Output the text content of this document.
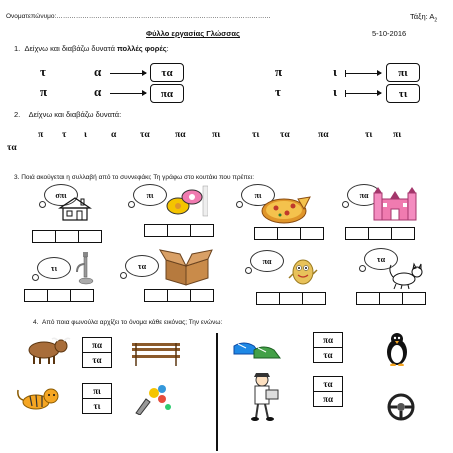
Ονοματεπώνυμο:………………………………………………………………………………………	Τάξη: $A_2$
Φύλλο εργασίας Γλώσσας	5-10-2016
1. Δείχνω και διαβάζω δυνατά πολλές φορές:
τ	α	τα
π	α	πα
π	ι	πι
τ	ι	τι
2. Δείχνω και διαβάζω δυνατά:
π τ ι	α τα	πα	πι	τι τα	πα	τι πι
τα
3. Ποιά ακούγεται η συλλαβή από το συννεφάκι; Τη γράφω στο κουτάκι που πρέπει:
σπι	πι	πι	πα
τι	τα
πα	τα
4. Από ποια φωνούλα αρχίζει το όνομα κάθε εικόνας; Την ενώνω:
πα
τα
πι
τι
πα
τα
τα
πα
